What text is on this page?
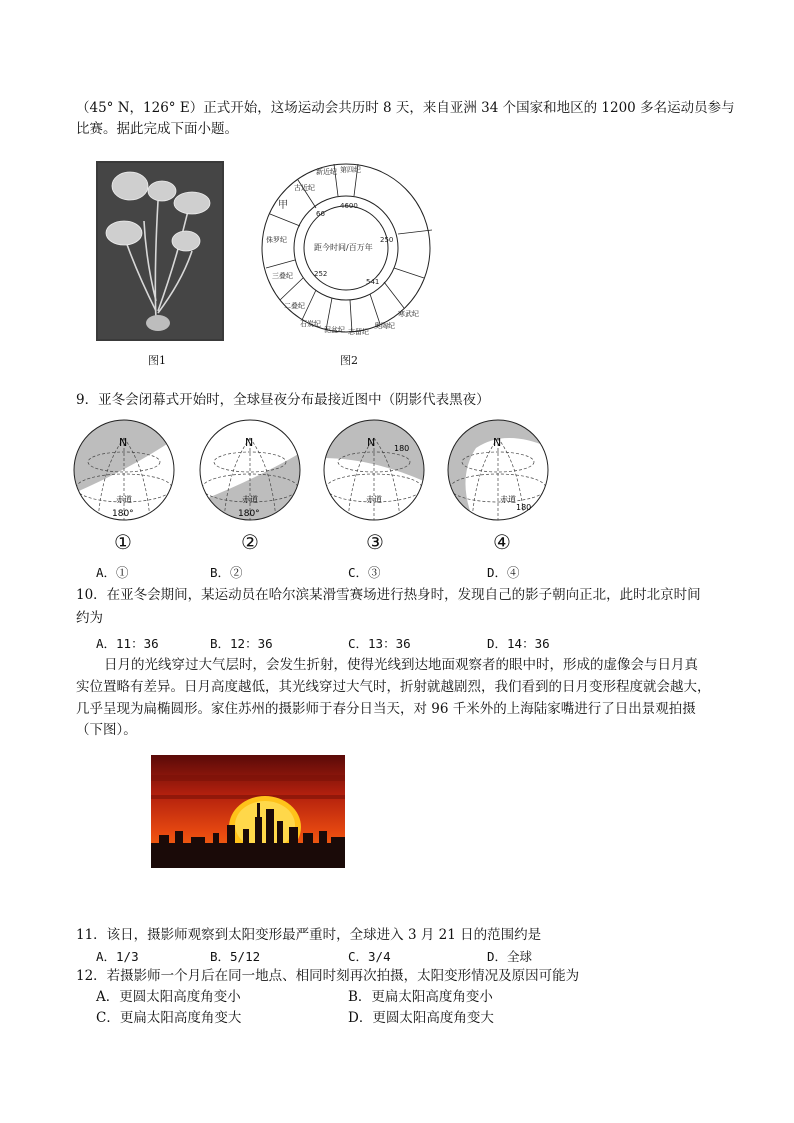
（45° N，126° E）正式开始，这场运动会共历时 8 天，来自亚洲 34 个国家和地区的 1200 多名运动员参与
比赛。据此完成下面小题。
图1
第四纪
新近纪
古近纪
甲
侏罗纪
三叠纪
二叠纪
石炭纪
泥盆纪 志留纪
奥陶纪
寒武纪
距今时间/百万年
4600
66
250
252
541
图2
9．亚冬会闭幕式开始时，全球昼夜分布最接近图中（阴影代表黑夜）
N
赤道
180°
N
赤道
180°
N 180
赤道
N
赤道
180
①	②	③	④
A．①	B．②	C．③	D．④
10．在亚冬会期间，某运动员在哈尔滨某滑雪赛场进行热身时，发现自己的影子朝向正北，此时北京时间
约为
A．11：36	B．12：36	C．13：36	D．14：36
日月的光线穿过大气层时，会发生折射，使得光线到达地面观察者的眼中时，形成的虚像会与日月真
实位置略有差异。日月高度越低，其光线穿过大气时，折射就越剧烈，我们看到的日月变形程度就会越大，
几乎呈现为扁椭圆形。家住苏州的摄影师于春分日当天，对 96 千米外的上海陆家嘴进行了日出景观拍摄
（下图）。
11．该日，摄影师观察到太阳变形最严重时，全球进入 3 月 21 日的范围约是
A．1/3	B．5/12	C．3/4	D．全球
12．若摄影师一个月后在同一地点、相同时刻再次拍摄，太阳变形情况及原因可能为
A．更圆太阳高度角变小	B．更扁太阳高度角变小
C．更扁太阳高度角变大	D．更圆太阳高度角变大
